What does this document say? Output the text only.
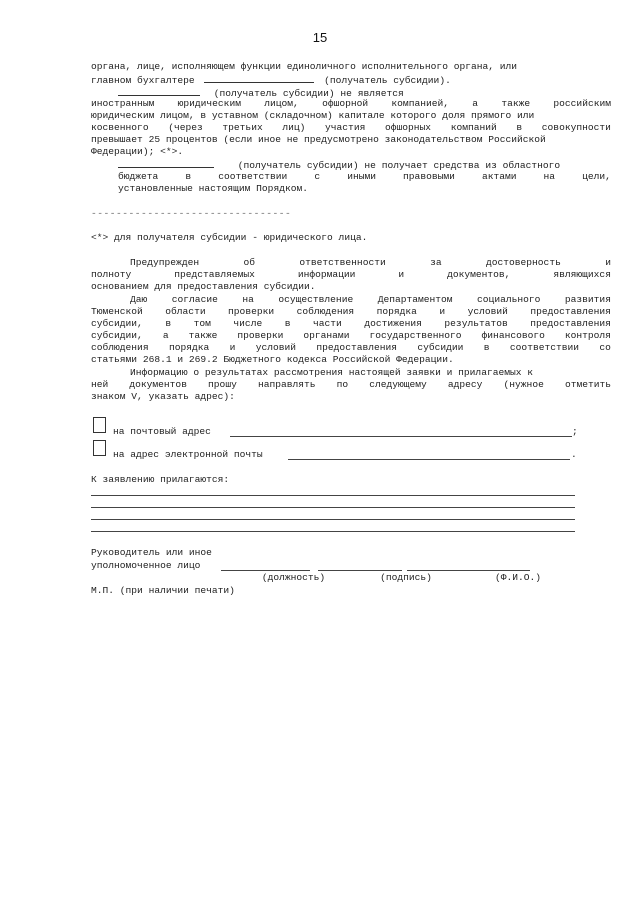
15
органа, лице, исполняющем функции единоличного исполнительного органа, или
главном бухгалтере	(получатель субсидии).
(получатель субсидии) не является
иностранным юридическим лицом, офшорной компанией, а также российским
юридическим лицом, в уставном (складочном) капитале которого доля прямого или
косвенного (через третьих лиц) участия офшорных компаний в совокупности
превышает 25 процентов (если иное не предусмотрено законодательством Российской
Федерации); <*>.
(получатель субсидии) не получает средства из областного
бюджета	в	соответствии	с	иными	правовыми	актами	на	цели,
установленные настоящим Порядком.
--------------------------------
<*> для получателя субсидии - юридического лица.
Предупрежден	об	ответственности	за	достоверность	и
полноту	представляемых	информации	и	документов,	являющихся
основанием для предоставления субсидии.
Даю	согласие	на	осуществление	Департаментом	социального	развития
Тюменской области проверки соблюдения порядка и условий предоставления
субсидии, в том числе в части достижения результатов предоставления
субсидии, а также проверки органами государственного финансового контроля
соблюдения порядка и условий предоставления субсидии в соответствии со
статьями 268.1 и 269.2 Бюджетного кодекса Российской Федерации.
Информацию о результатах рассмотрения настоящей заявки и прилагаемых к
ней документов прошу направлять по следующему адресу (нужное отметить
знаком V, указать адрес):
на почтовый адрес	;
на адрес электронной почты	.
К заявлению прилагаются:
Руководитель или иное
уполномоченное лицо
(должность)	(подпись)	(Ф.И.О.)
М.П. (при наличии печати)
